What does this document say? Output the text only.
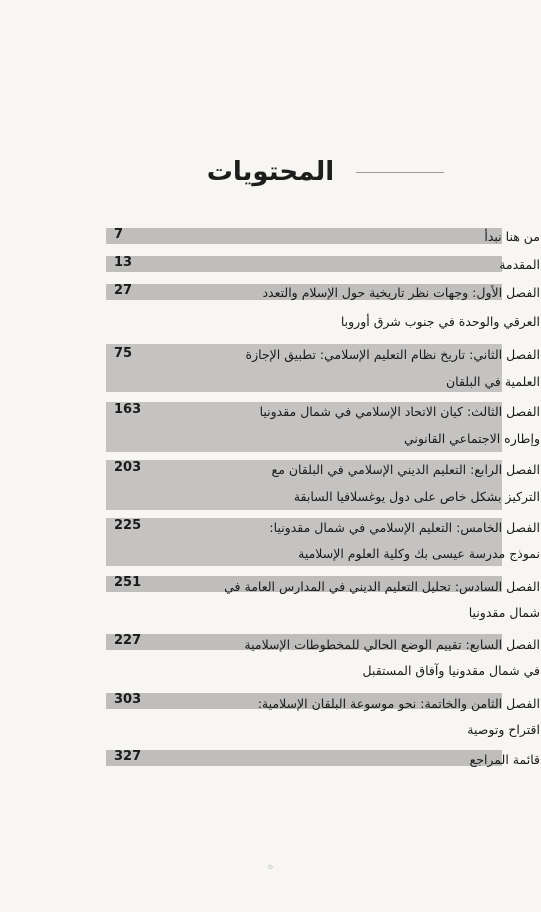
المحتويات
7	من هنا نبدأ
13	المقدمة
27	الفصل الأول: وجهات نظر تاريخية حول الإسلام والتعدد
العرقي والوحدة في جنوب شرق أوروبا
75	الفصل الثاني: تاريخ نظام التعليم الإسلامي: تطبيق الإجازة
العلمية في البلقان
163	الفصل الثالث: كيان الاتحاد الإسلامي في شمال مقدونيا
وإطاره الاجتماعي القانوني
203	الفصل الرابع: التعليم الديني الإسلامي في البلقان مع
التركيز بشكل خاص على دول يوغسلافيا السابقة
225	الفصل الخامس: التعليم الإسلامي في شمال مقدونيا:
نموذج مدرسة عيسى بك وكلية العلوم الإسلامية
251	الفصل السادس: تحليل التعليم الديني في المدارس العامة في
شمال مقدونيا
227	الفصل السابع: تقييم الوضع الحالي للمخطوطات الإسلامية
في شمال مقدونيا وآفاق المستقبل
303	الفصل الثامن والخاتمة: نحو موسوعة البلقان الإسلامية:
اقتراح وتوصية
327	قائمة المراجع
ه
